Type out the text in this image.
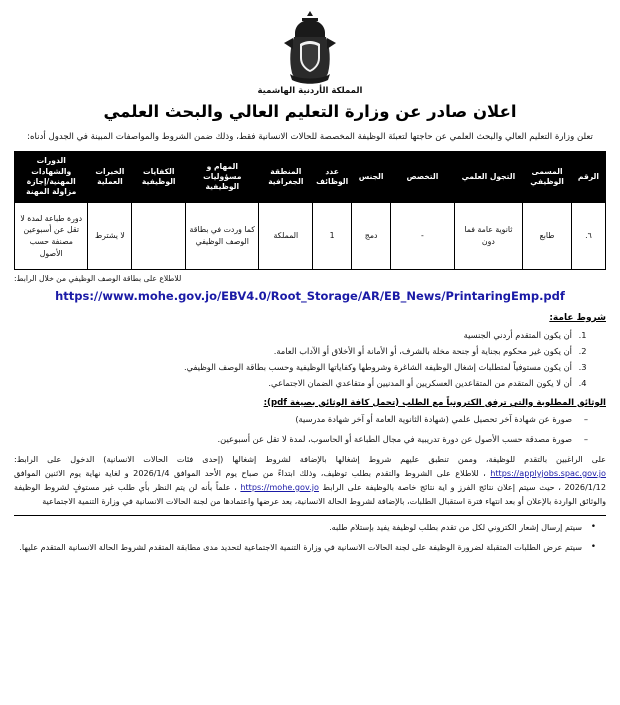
المملكة الأردنية الهاشمية
اعلان صادر عن وزارة التعليم العالي والبحث العلمي
تعلن وزارة التعليم العالي والبحث العلمي عن حاجتها لتعبئة الوظيفة المخصصة للحالات الانسانية فقط، وذلك ضمن الشروط والمواصفات المبينة في الجدول أدناه:
الرقم	المسمى الوظيفي	التجول العلمي	التخصص	الجنس	عدد الوظائف	المنطقة الجغرافية	المهام و مسؤوليات الوظيفية	الكفايات الوظيفية	الخبرات العملية	الدورات والشهادات المهنية/إجازة مزاولة المهنة
٦.	طابع	ثانوية عامة فما دون	-	دمج	1	المملكة	كما وردت في بطاقة الوصف الوظيفي		لا يشترط	دورة طباعة لمدة لا تقل عن أسبوعين مصنفة حسب الأصول
للاطلاع على بطاقة الوصف الوظيفي من خلال الرابط:
https://www.mohe.gov.jo/EBV4.0/Root_Storage/AR/EB_News/PrintaringEmp.pdf
شروط عامة:
1. أن يكون المتقدم أردني الجنسية
2. أن يكون غير محكوم بجناية أو جنحة مخلة بالشرف، أو الأمانة أو الأخلاق أو الآداب العامة.
3. أن يكون مستوفياً لمتطلبات إشغال الوظيفة الشاغرة وشروطها وكفاياتها الوظيفية وحسب بطاقة الوصف الوظيفي.
4. أن لا يكون المتقدم من المتقاعدين العسكريين أو المدنيين أو متقاعدي الضمان الاجتماعي.
الوثائق المطلوبة والتي ترفق الكترونياً مع الطلب (تحمل كافة الوثائق بصيغة pdf):
– صورة عن شهادة آخر تحصيل علمي (شهادة الثانوية العامة أو آخر شهادة مدرسية)
– صورة مصدقة حسب الأصول عن دورة تدريبية في مجال الطباعة أو الحاسوب، لمدة لا تقل عن أسبوعين.
على الراغبين بالتقدم للوظيفة، وممن تنطبق عليهم شروط إشغالها بالإضافة لشروط إشغالها (إحدى فئات الحالات الانسانية) الدخول على الرابط: https://applyjobs.spac.gov.jo ، للاطلاع على الشروط والتقدم بطلب توظيف، وذلك ابتداءً من صباح يوم الأحد الموافق 2026/1/4 و لغاية نهاية يوم الاثنين الموافق 2026/1/12 ، حيث سيتم إعلان نتائج الفرز و اية نتائج خاصة بالوظيفة على الرابط https://mohe.gov.jo ، علماً بأنه لن يتم النظر بأي طلب غير مستوفٍ لشروط الوظيفة والوثائق الواردة بالإعلان أو بعد انتهاء فترة استقبال الطلبات، بالإضافة لشروط الحالة الانسانية، بعد عرضها واعتمادها من لجنة الحالات الانسانية في وزارة التنمية الاجتماعية
• سيتم إرسال إشعار الكتروني لكل من تقدم بطلب لوظيفة يفيد بإستلام طلبه.
• سيتم عرض الطلبات المتقبلة لضرورة الوظيفة على لجنة الحالات الانسانية في وزارة التنمية الاجتماعية لتحديد مدى مطابقة المتقدم لشروط الحالة الانسانية المتقدم عليها.
